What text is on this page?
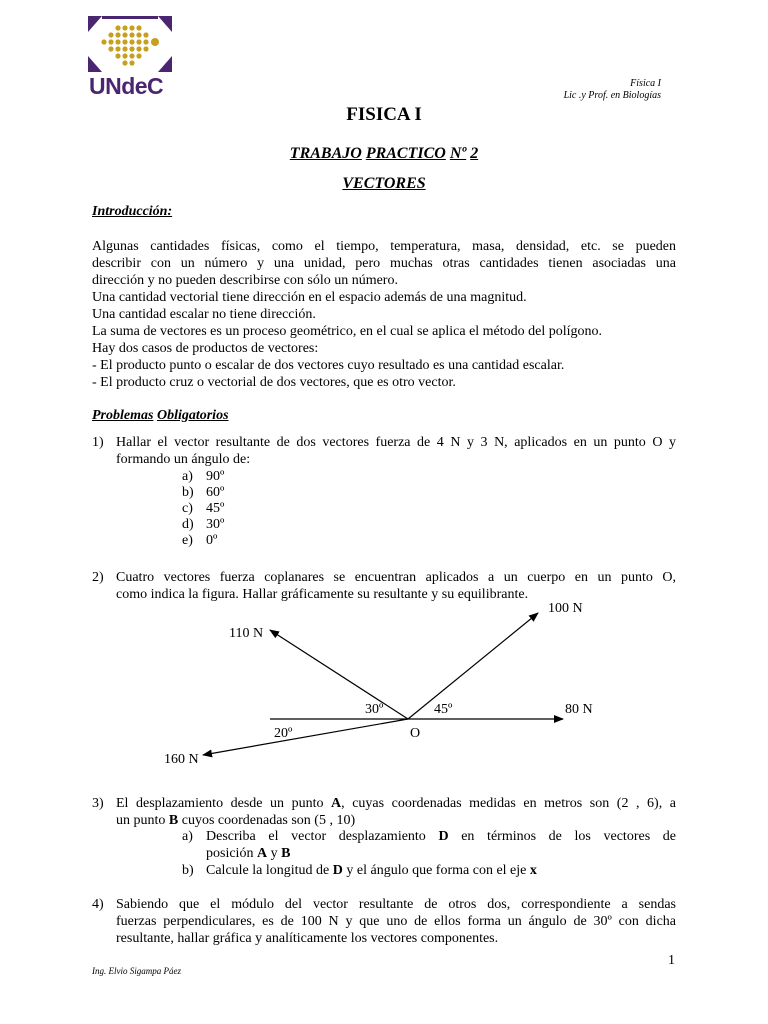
UNdeC	Física I
Lic .y Prof. en Biologías
FISICA I
TRABAJO PRACTICO Nº 2
VECTORES
Introducción:
Algunas cantidades físicas, como el tiempo, temperatura, masa, densidad, etc. se pueden
describir con un número y una unidad, pero muchas otras cantidades tienen asociadas una
dirección y no pueden describirse con sólo un número.
Una cantidad vectorial tiene dirección en el espacio además de una magnitud.
Una cantidad escalar no tiene dirección.
La suma de vectores es un proceso geométrico, en el cual se aplica el método del polígono.
Hay dos casos de productos de vectores:
- El producto punto o escalar de dos vectores cuyo resultado es una cantidad escalar.
- El producto cruz o vectorial de dos vectores, que es otro vector.
Problemas Obligatorios
1) Hallar el vector resultante de dos vectores fuerza de 4 N y 3 N, aplicados en un punto O y
formando un ángulo de:
a) 90º
b) 60º
c) 45º
d) 30º
e) 0º
2) Cuatro vectores fuerza coplanares se encuentran aplicados a un cuerpo en un punto O,
como indica la figura. Hallar gráficamente su resultante y su equilibrante.
100 N
110 N
30º	45º	80 N
20º	O
160 N
3) El desplazamiento desde un punto A, cuyas coordenadas medidas en metros son (2 , 6), a
un punto B cuyos coordenadas son (5 , 10)
a) Describa el vector desplazamiento D en términos de los vectores de
posición A y B
b) Calcule la longitud de D y el ángulo que forma con el eje x
4) Sabiendo que el módulo del vector resultante de otros dos, correspondiente a sendas
fuerzas perpendiculares, es de 100 N y que uno de ellos forma un ángulo de 30º con dicha
resultante, hallar gráfica y analíticamente los vectores componentes.
1
Ing. Elvio Sigampa Páez
